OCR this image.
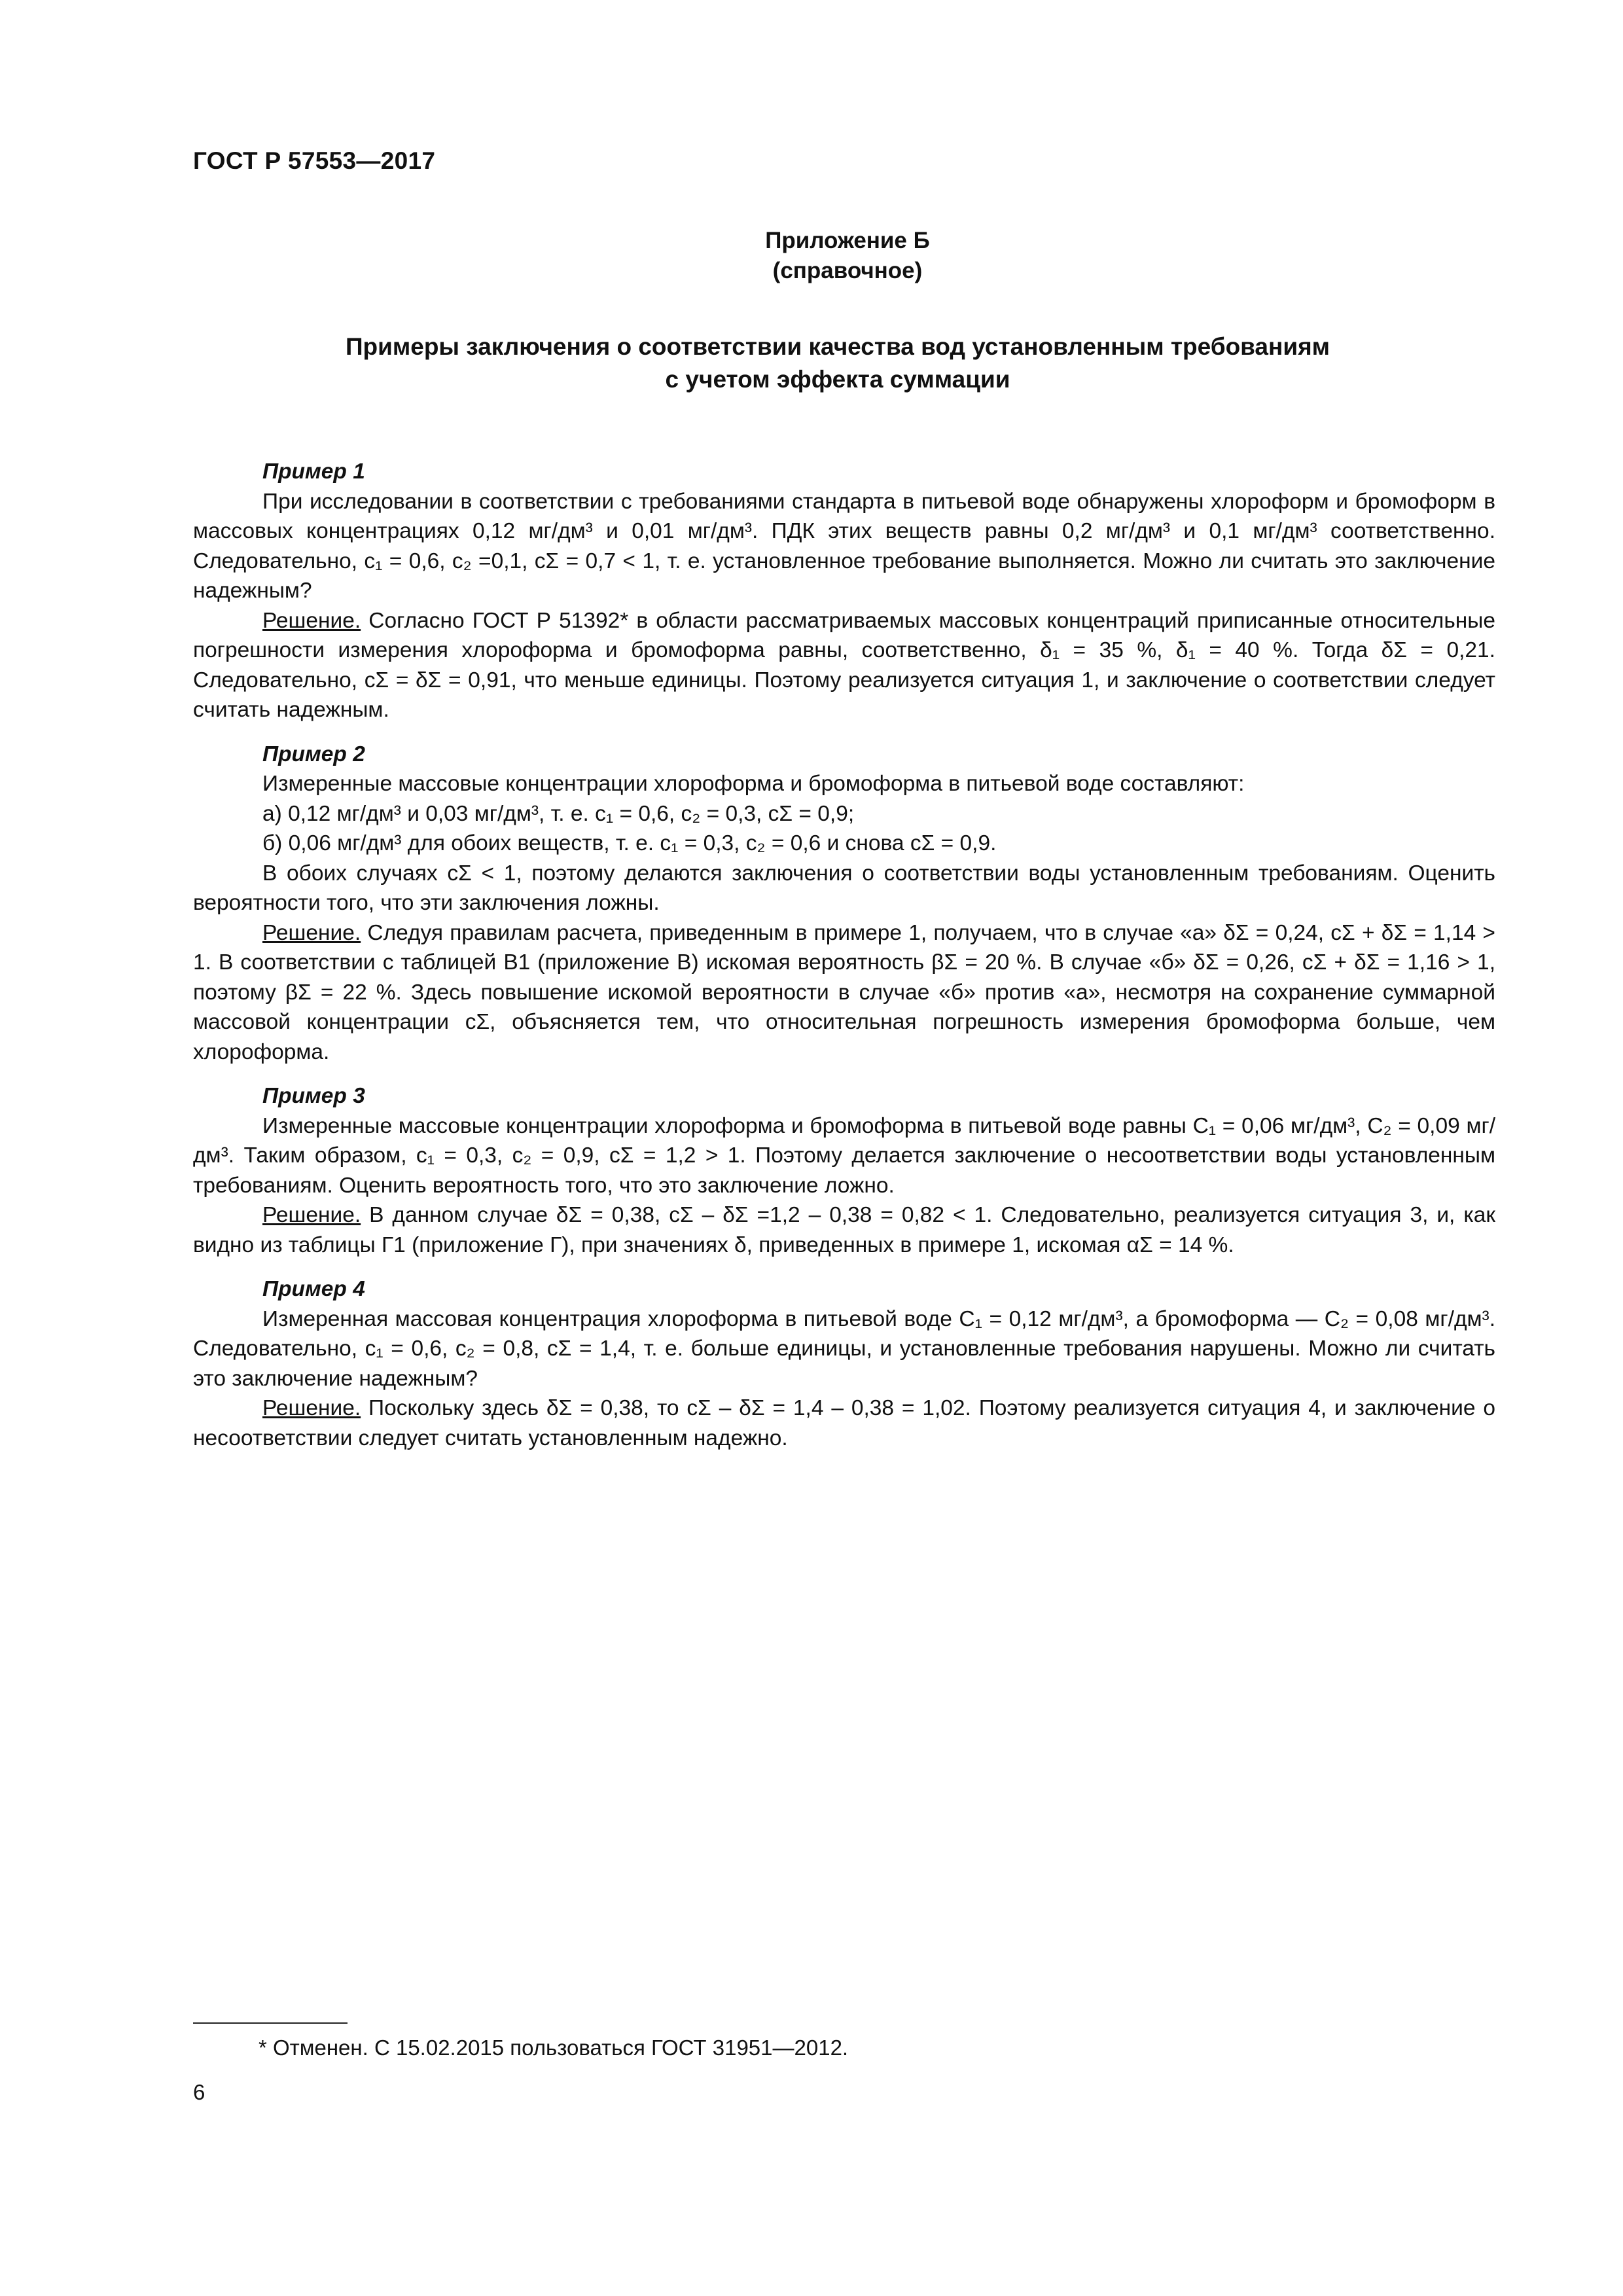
ГОСТ Р 57553—2017
Приложение Б
(справочное)
Примеры заключения о соответствии качества вод установленным требованиям
с учетом эффекта суммации

Пример 1

При исследовании в соответствии с требованиями стандарта в питьевой воде обнаружены хлороформ и бромоформ в массовых концентрациях 0,12 мг/дм³ и 0,01 мг/дм³. ПДК этих веществ равны 0,2 мг/дм³ и 0,1 мг/дм³ соответственно. Следовательно, c₁ = 0,6, c₂ =0,1, cΣ = 0,7 < 1, т. е. установленное требование выполняется. Можно ли считать это заключение надежным?

Решение. Согласно ГОСТ Р 51392* в области рассматриваемых массовых концентраций приписанные относительные погрешности измерения хлороформа и бромоформа равны, соответственно, δ₁ = 35 %, δ₁ = 40 %. Тогда δΣ = 0,21. Следовательно, cΣ = δΣ = 0,91, что меньше единицы. Поэтому реализуется ситуация 1, и заключение о соответствии следует считать надежным.

Пример 2

Измеренные массовые концентрации хлороформа и бромоформа в питьевой воде составляют:

а) 0,12 мг/дм³ и 0,03 мг/дм³, т. е. c₁ = 0,6, c₂ = 0,3, cΣ = 0,9;

б) 0,06 мг/дм³ для обоих веществ, т. е. c₁ = 0,3, c₂ = 0,6 и снова cΣ = 0,9.

В обоих случаях cΣ < 1, поэтому делаются заключения о соответствии воды установленным требованиям. Оценить вероятности того, что эти заключения ложны.

Решение. Следуя правилам расчета, приведенным в примере 1, получаем, что в случае «а» δΣ = 0,24, cΣ + δΣ = 1,14 > 1. В соответствии с таблицей В1 (приложение В) искомая вероятность βΣ = 20 %. В случае «б» δΣ = 0,26, cΣ + δΣ = 1,16 > 1, поэтому βΣ = 22 %. Здесь повышение искомой вероятности в случае «б» против «а», несмотря на сохранение суммарной массовой концентрации cΣ, объясняется тем, что относительная погрешность измерения бромоформа больше, чем хлороформа.

Пример 3

Измеренные массовые концентрации хлороформа и бромоформа в питьевой воде равны C₁ = 0,06 мг/дм³, C₂ = 0,09 мг/дм³. Таким образом, c₁ = 0,3, c₂ = 0,9, cΣ = 1,2 > 1. Поэтому делается заключение о несоответствии воды установленным требованиям. Оценить вероятность того, что это заключение ложно.

Решение. В данном случае δΣ = 0,38, cΣ – δΣ =1,2 – 0,38 = 0,82 < 1. Следовательно, реализуется ситуация 3, и, как видно из таблицы Г1 (приложение Г), при значениях δ, приведенных в примере 1, искомая αΣ = 14 %.

Пример 4

Измеренная массовая концентрация хлороформа в питьевой воде C₁ = 0,12 мг/дм³, а бромоформа — C₂ = 0,08 мг/дм³. Следовательно, c₁ = 0,6, c₂ = 0,8, cΣ = 1,4, т. е. больше единицы, и установленные требования нарушены. Можно ли считать это заключение надежным?

Решение. Поскольку здесь δΣ = 0,38, то cΣ – δΣ = 1,4 – 0,38 = 1,02. Поэтому реализуется ситуация 4, и заключение о несоответствии следует считать установленным надежно.

* Отменен. С 15.02.2015 пользоваться ГОСТ 31951—2012.
6
